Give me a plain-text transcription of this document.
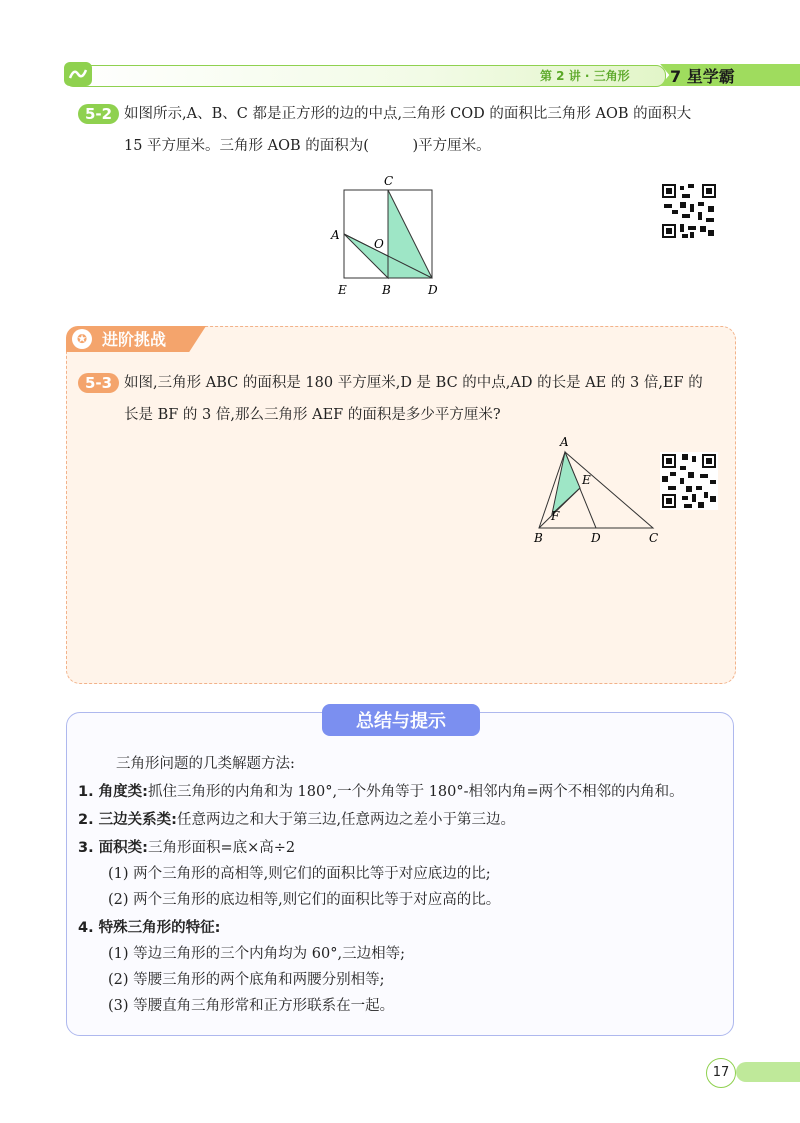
第 2 讲 · 三角形	7 星学霸
5-2 如图所示,A、B、C 都是正方形的边的中点,三角形 COD 的面积比三角形 AOB 的面积大
15 平方厘米。三角形 AOB 的面积为(　　　)平方厘米。
C
A
O
E	B	D
✪ 进阶挑战
5-3 如图,三角形 ABC 的面积是 180 平方厘米,D 是 BC 的中点,AD 的长是 AE 的 3 倍,EF 的
长是 BF 的 3 倍,那么三角形 AEF 的面积是多少平方厘米?
A
E
F
B	D	C
总结与提示
三角形问题的几类解题方法:
1. 角度类:抓住三角形的内角和为 180°,一个外角等于 180°-相邻内角=两个不相邻的内角和。
2. 三边关系类:任意两边之和大于第三边,任意两边之差小于第三边。
3. 面积类:三角形面积=底×高÷2
(1) 两个三角形的高相等,则它们的面积比等于对应底边的比;
(2) 两个三角形的底边相等,则它们的面积比等于对应高的比。
4. 特殊三角形的特征:
(1) 等边三角形的三个内角均为 60°,三边相等;
(2) 等腰三角形的两个底角和两腰分别相等;
(3) 等腰直角三角形常和正方形联系在一起。
17
